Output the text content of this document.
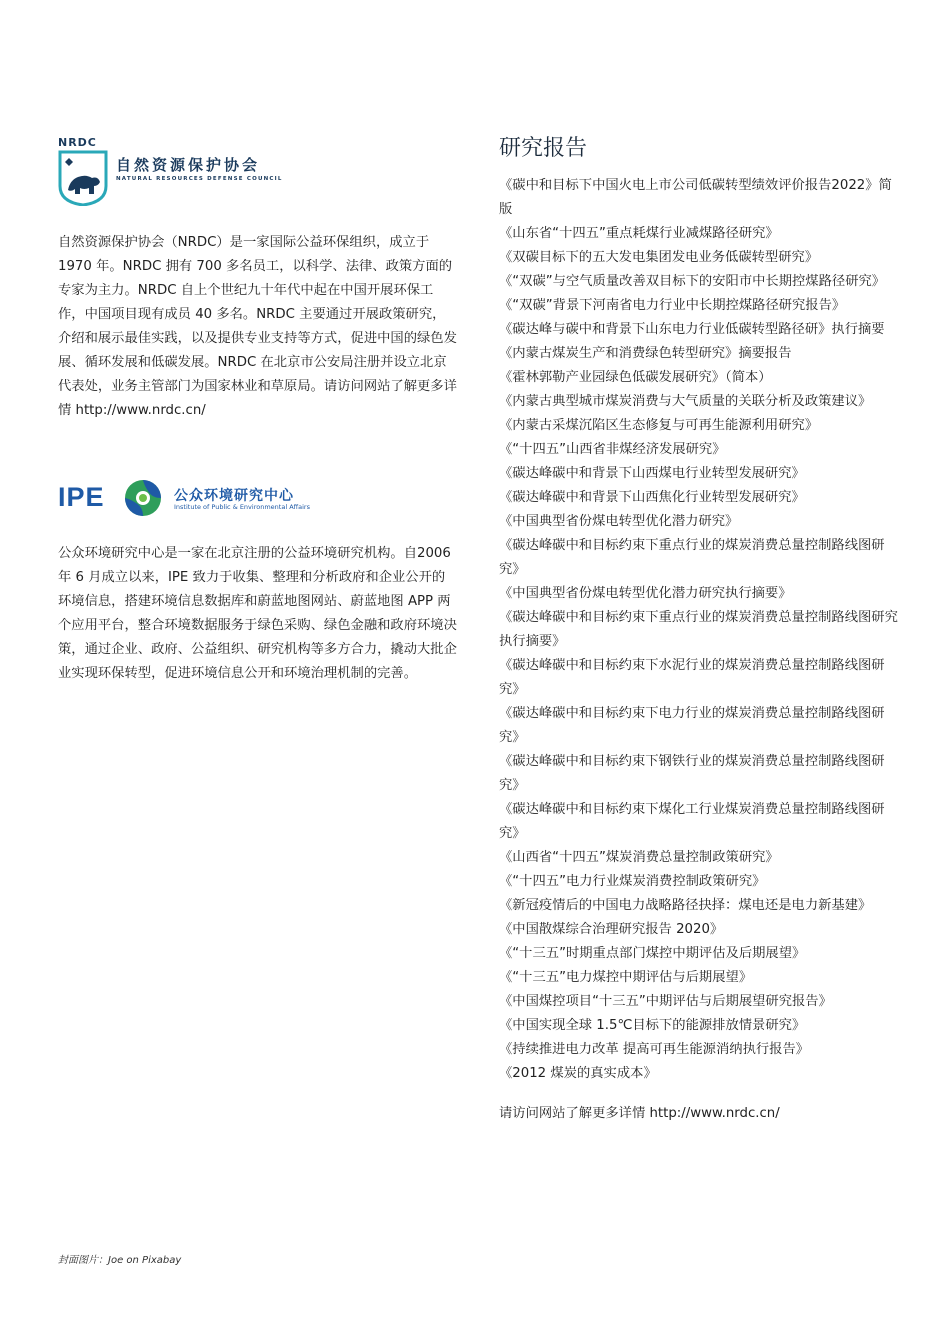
NRDC
自然资源保护协会
NATURAL RESOURCES DEFENSE COUNCIL

自然资源保护协会（NRDC）是一家国际公益环保组织，成立于1970 年。NRDC 拥有 700 多名员工，以科学、法律、政策方面的专家为主力。NRDC 自上个世纪九十年代中起在中国开展环保工作，中国项目现有成员 40 多名。NRDC 主要通过开展政策研究，介绍和展示最佳实践，以及提供专业支持等方式，促进中国的绿色发展、循环发展和低碳发展。NRDC 在北京市公安局注册并设立北京代表处，业务主管部门为国家林业和草原局。请访问网站了解更多详情 http://www.nrdc.cn/

IPE	公众环境研究中心
Institute of Public & Environmental Affairs

公众环境研究中心是一家在北京注册的公益环境研究机构。自2006 年 6 月成立以来，IPE 致力于收集、整理和分析政府和企业公开的环境信息，搭建环境信息数据库和蔚蓝地图网站、蔚蓝地图 APP 两个应用平台，整合环境数据服务于绿色采购、绿色金融和政府环境决策，通过企业、政府、公益组织、研究机构等多方合力，撬动大批企业实现环保转型，促进环境信息公开和环境治理机制的完善。

研究报告
《碳中和目标下中国火电上市公司低碳转型绩效评价报告2022》简版
《山东省“十四五”重点耗煤行业减煤路径研究》
《双碳目标下的五大发电集团发电业务低碳转型研究》
《“双碳”与空气质量改善双目标下的安阳市中长期控煤路径研究》
《“双碳”背景下河南省电力行业中长期控煤路径研究报告》
《碳达峰与碳中和背景下山东电力行业低碳转型路径研》执行摘要
《内蒙古煤炭生产和消费绿色转型研究》摘要报告
《霍林郭勒产业园绿色低碳发展研究》（简本）
《内蒙古典型城市煤炭消费与大气质量的关联分析及政策建议》
《内蒙古采煤沉陷区生态修复与可再生能源利用研究》
《“十四五”山西省非煤经济发展研究》
《碳达峰碳中和背景下山西煤电行业转型发展研究》
《碳达峰碳中和背景下山西焦化行业转型发展研究》
《中国典型省份煤电转型优化潜力研究》
《碳达峰碳中和目标约束下重点行业的煤炭消费总量控制路线图研究》
《中国典型省份煤电转型优化潜力研究执行摘要》
《碳达峰碳中和目标约束下重点行业的煤炭消费总量控制路线图研究执行摘要》
《碳达峰碳中和目标约束下水泥行业的煤炭消费总量控制路线图研究》
《碳达峰碳中和目标约束下电力行业的煤炭消费总量控制路线图研究》
《碳达峰碳中和目标约束下钢铁行业的煤炭消费总量控制路线图研究》
《碳达峰碳中和目标约束下煤化工行业煤炭消费总量控制路线图研究》
《山西省“十四五”煤炭消费总量控制政策研究》
《“十四五”电力行业煤炭消费控制政策研究》
《新冠疫情后的中国电力战略路径抉择：煤电还是电力新基建》
《中国散煤综合治理研究报告 2020》
《“十三五”时期重点部门煤控中期评估及后期展望》
《“十三五”电力煤控中期评估与后期展望》
《中国煤控项目“十三五”中期评估与后期展望研究报告》
《中国实现全球 1.5℃目标下的能源排放情景研究》
《持续推进电力改革 提高可再生能源消纳执行报告》
《2012 煤炭的真实成本》
请访问网站了解更多详情 http://www.nrdc.cn/
封面图片：Joe on Pixabay
